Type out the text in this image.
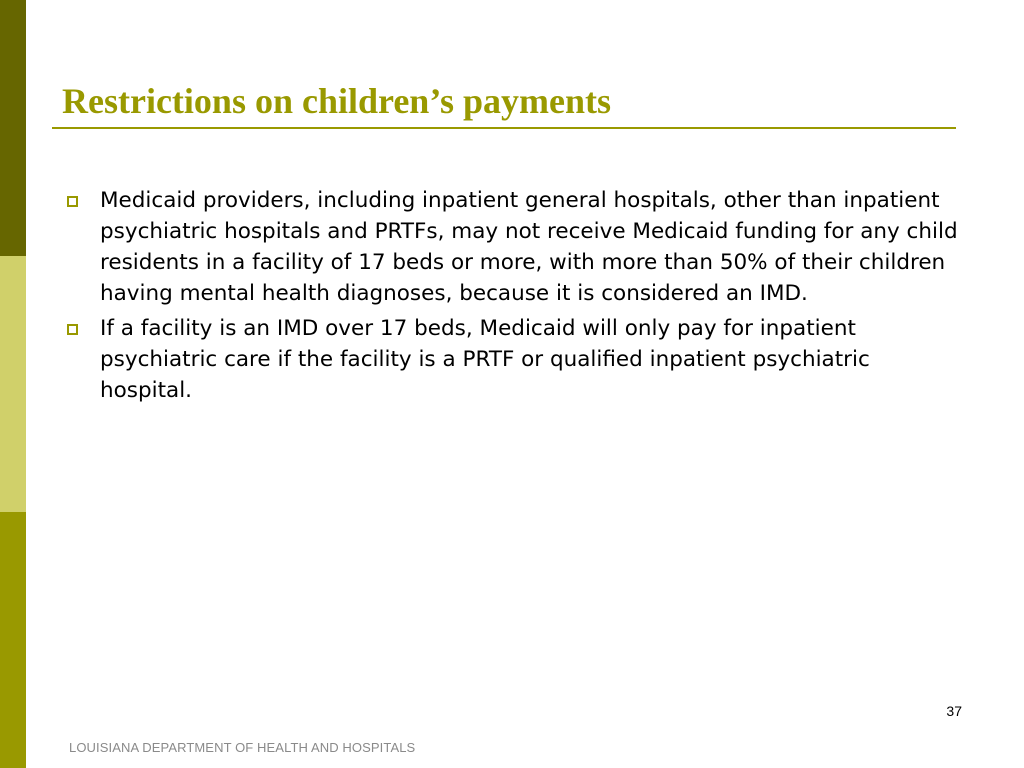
Restrictions on children’s payments
Medicaid providers, including inpatient general hospitals, other than inpatient psychiatric hospitals and PRTFs, may not receive Medicaid funding for any child residents in a facility of 17 beds or more, with more than 50% of their children having mental health diagnoses, because it is considered an IMD.
If a facility is an IMD over 17 beds, Medicaid will only pay for inpatient psychiatric care if the facility is a PRTF or qualified inpatient psychiatric hospital.
37
LOUISIANA DEPARTMENT OF HEALTH AND HOSPITALS
